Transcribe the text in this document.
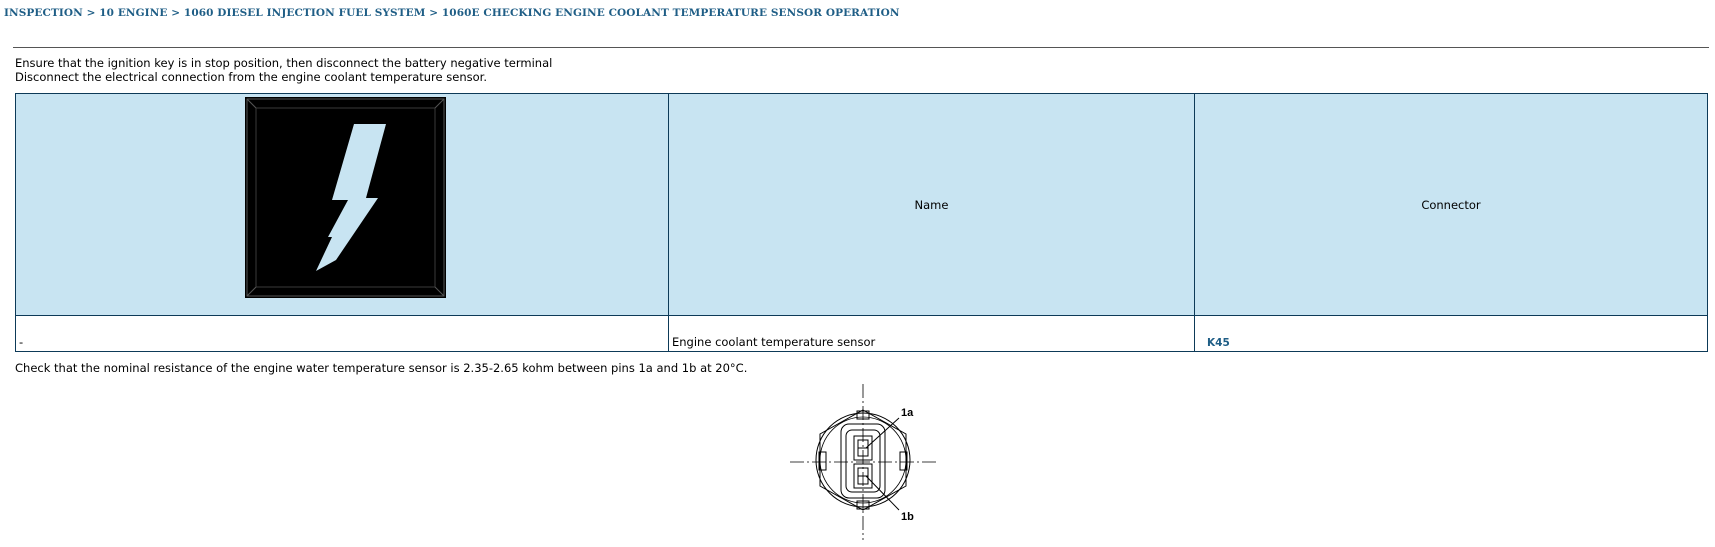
INSPECTION > 10 ENGINE > 1060 DIESEL INJECTION FUEL SYSTEM > 1060E CHECKING ENGINE COOLANT TEMPERATURE SENSOR OPERATION
Ensure that the ignition key is in stop position, then disconnect the battery negative terminal
Disconnect the electrical connection from the engine coolant temperature sensor.
	Name	Connector
-	Engine coolant temperature sensor	K45
Check that the nominal resistance of the engine water temperature sensor is 2.35-2.65 kohm between pins 1a and 1b at 20°C.
1a
1b
